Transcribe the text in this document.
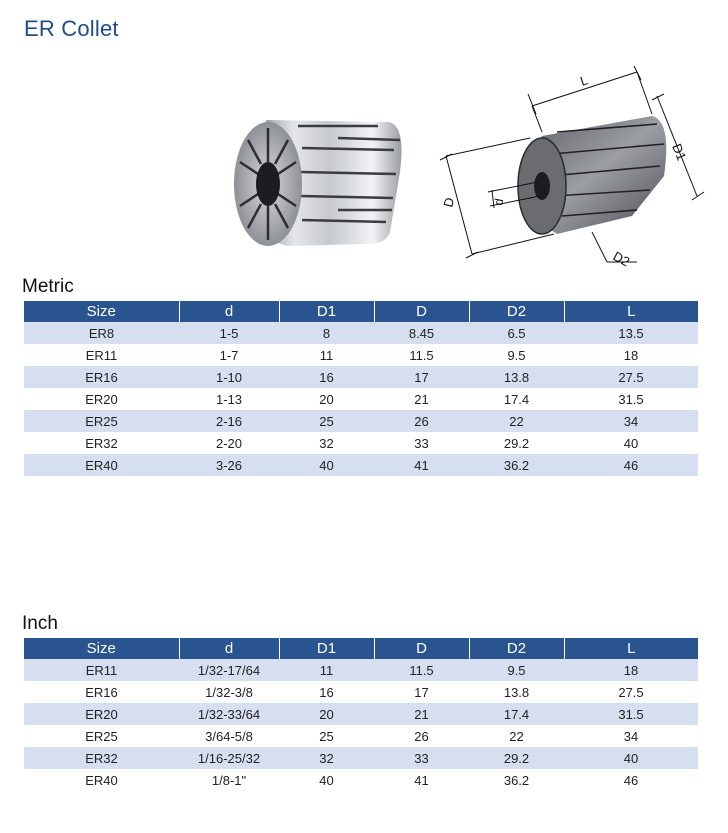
ER Collet
L
D1
D	d
D2
Metric
Size	d	D1	D	D2	L
ER8	1-5	8	8.45	6.5	13.5
ER11	1-7	11	11.5	9.5	18
ER16	1-10	16	17	13.8	27.5
ER20	1-13	20	21	17.4	31.5
ER25	2-16	25	26	22	34
ER32	2-20	32	33	29.2	40
ER40	3-26	40	41	36.2	46
Inch
Size	d	D1	D	D2	L
ER11	1/32-17/64	11	11.5	9.5	18
ER16	1/32-3/8	16	17	13.8	27.5
ER20	1/32-33/64	20	21	17.4	31.5
ER25	3/64-5/8	25	26	22	34
ER32	1/16-25/32	32	33	29.2	40
ER40	1/8-1"	40	41	36.2	46
